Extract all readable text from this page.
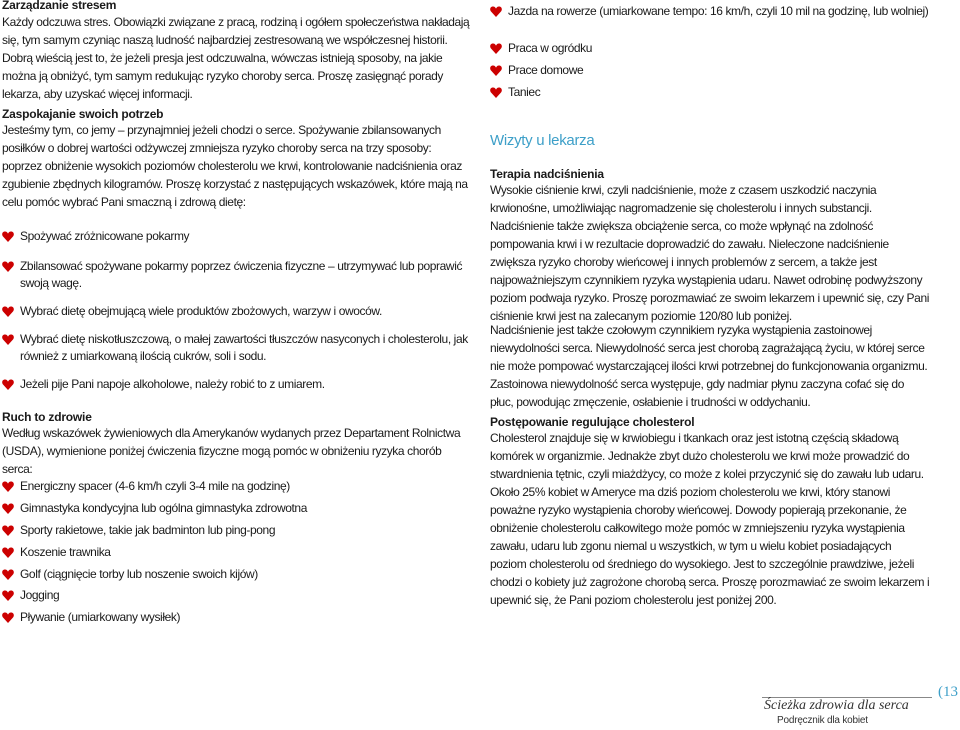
Zarządzanie stresem
Każdy odczuwa stres. Obowiązki związane z pracą, rodziną i ogółem społeczeństwa nakładają się, tym samym czyniąc naszą ludność najbardziej zestresowaną we współczesnej historii. Dobrą wieścią jest to, że jeżeli presja jest odczuwalna, wówczas istnieją sposoby, na jakie można ją obniżyć, tym samym redukując ryzyko choroby serca. Proszę zasięgnąć porady lekarza, aby uzyskać więcej informacji.
Zaspokajanie swoich potrzeb
Jesteśmy tym, co jemy – przynajmniej jeżeli chodzi o serce. Spożywanie zbilansowanych posiłków o dobrej wartości odżywczej zmniejsza ryzyko choroby serca na trzy sposoby: poprzez obniżenie wysokich poziomów cholesterolu we krwi, kontrolowanie nadciśnienia oraz zgubienie zbędnych kilogramów. Proszę korzystać z następujących wskazówek, które mają na celu pomóc wybrać Pani smaczną i zdrową dietę:
Spożywać zróżnicowane pokarmy
Zbilansować spożywane pokarmy poprzez ćwiczenia fizyczne – utrzymywać lub poprawić swoją wagę.
Wybrać dietę obejmującą wiele produktów zbożowych, warzyw i owoców.
Wybrać dietę niskotłuszczową, o małej zawartości tłuszczów nasyconych i cholesterolu, jak również z umiarkowaną ilością cukrów, soli i sodu.
Jeżeli pije Pani napoje alkoholowe, należy robić to z umiarem.
Ruch to zdrowie
Według wskazówek żywieniowych dla Amerykanów wydanych przez Departament Rolnictwa (USDA), wymienione poniżej ćwiczenia fizyczne mogą pomóc w obniżeniu ryzyka chorób serca:
Energiczny spacer (4-6 km/h czyli 3-4 mile na godzinę)
Gimnastyka kondycyjna lub ogólna gimnastyka zdrowotna
Sporty rakietowe, takie jak badminton lub ping-pong
Koszenie trawnika
Golf (ciągnięcie torby lub noszenie swoich kijów)
Jogging
Pływanie (umiarkowany wysiłek)
Jazda na rowerze (umiarkowane tempo: 16 km/h, czyli 10 mil na godzinę, lub wolniej)
Praca w ogródku
Prace domowe
Taniec
Wizyty u lekarza
Terapia nadciśnienia
Wysokie ciśnienie krwi, czyli nadciśnienie, może z czasem uszkodzić naczynia krwionośne, umożliwiając nagromadzenie się cholesterolu i innych substancji. Nadciśnienie także zwiększa obciążenie serca, co może wpłynąć na zdolność pompowania krwi i w rezultacie doprowadzić do zawału. Nieleczone nadciśnienie zwiększa ryzyko choroby wieńcowej i innych problemów z sercem, a także jest najpoważniejszym czynnikiem ryzyka wystąpienia udaru. Nawet odrobinę podwyższony poziom podwaja ryzyko. Proszę porozmawiać ze swoim lekarzem i upewnić się, czy Pani ciśnienie krwi jest na zalecanym poziomie 120/80 lub poniżej.
Nadciśnienie jest także czołowym czynnikiem ryzyka wystąpienia zastoinowej niewydolności serca. Niewydolność serca jest chorobą zagrażającą życiu, w której serce nie może pompować wystarczającej ilości krwi potrzebnej do funkcjonowania organizmu. Zastoinowa niewydolność serca występuje, gdy nadmiar płynu zaczyna cofać się do płuc, powodując zmęczenie, osłabienie i trudności w oddychaniu.
Postępowanie regulujące cholesterol
Cholesterol znajduje się w krwiobiegu i tkankach oraz jest istotną częścią składową komórek w organizmie. Jednakże zbyt dużo cholesterolu we krwi może prowadzić do stwardnienia tętnic, czyli miażdżycy, co może z kolei przyczynić się do zawału lub udaru. Około 25% kobiet w Ameryce ma dziś poziom cholesterolu we krwi, który stanowi poważne ryzyko wystąpienia choroby wieńcowej. Dowody popierają przekonanie, że obniżenie cholesterolu całkowitego może pomóc w zmniejszeniu ryzyka wystąpienia zawału, udaru lub zgonu niemal u wszystkich, w tym u wielu kobiet posiadających poziom cholesterolu od średniego do wysokiego. Jest to szczególnie prawdziwe, jeżeli chodzi o kobiety już zagrożone chorobą serca. Proszę porozmawiać ze swoim lekarzem i upewnić się, że Pani poziom cholesterolu jest poniżej 200.
Ścieżka zdrowia dla serca
Podręcznik dla kobiet
(13
